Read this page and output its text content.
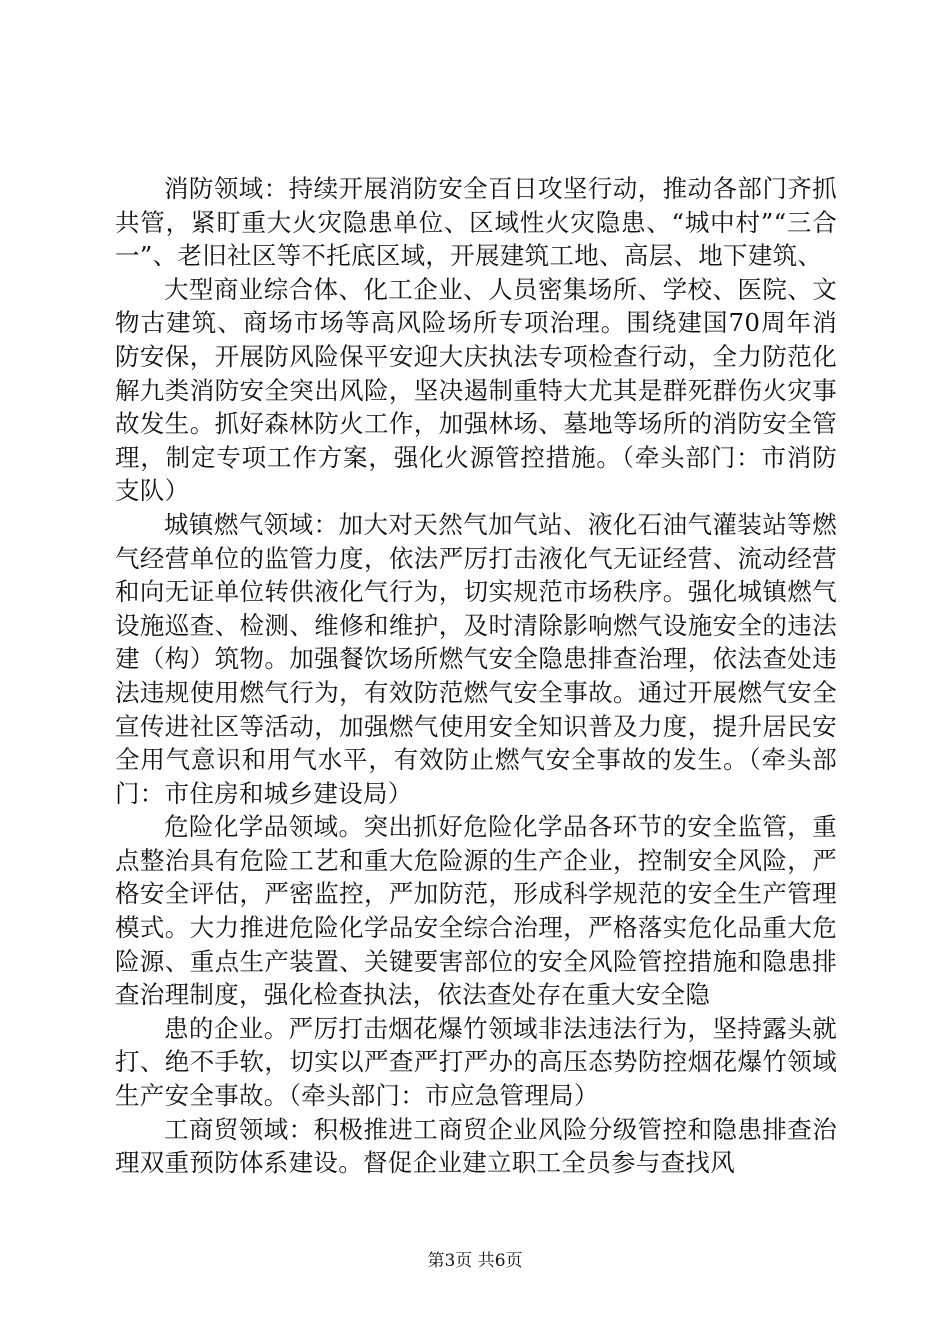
消防领域：持续开展消防安全百日攻坚行动，推动各部门齐抓共管，紧盯重大火灾隐患单位、区域性火灾隐患、“城中村”“三合一”、老旧社区等不托底区域，开展建筑工地、高层、地下建筑、

大型商业综合体、化工企业、人员密集场所、学校、医院、文物古建筑、商场市场等高风险场所专项治理。围绕建国70周年消防安保，开展防风险保平安迎大庆执法专项检查行动，全力防范化解九类消防安全突出风险，坚决遏制重特大尤其是群死群伤火灾事故发生。抓好森林防火工作，加强林场、墓地等场所的消防安全管理，制定专项工作方案，强化火源管控措施。（牵头部门：市消防支队）

城镇燃气领域：加大对天然气加气站、液化石油气灌装站等燃气经营单位的监管力度，依法严厉打击液化气无证经营、流动经营和向无证单位转供液化气行为，切实规范市场秩序。强化城镇燃气设施巡查、检测、维修和维护，及时清除影响燃气设施安全的违法建（构）筑物。加强餐饮场所燃气安全隐患排查治理，依法查处违法违规使用燃气行为，有效防范燃气安全事故。通过开展燃气安全宣传进社区等活动，加强燃气使用安全知识普及力度，提升居民安全用气意识和用气水平，有效防止燃气安全事故的发生。（牵头部门：市住房和城乡建设局）

危险化学品领域。突出抓好危险化学品各环节的安全监管，重点整治具有危险工艺和重大危险源的生产企业，控制安全风险，严格安全评估，严密监控，严加防范，形成科学规范的安全生产管理模式。大力推进危险化学品安全综合治理，严格落实危化品重大危险源、重点生产装置、关键要害部位的安全风险管控措施和隐患排查治理制度，强化检查执法，依法查处存在重大安全隐

患的企业。严厉打击烟花爆竹领域非法违法行为，坚持露头就打、绝不手软，切实以严查严打严办的高压态势防控烟花爆竹领域生产安全事故。（牵头部门：市应急管理局）

工商贸领域：积极推进工商贸企业风险分级管控和隐患排查治理双重预防体系建设。督促企业建立职工全员参与查找风

第3页 共6页
